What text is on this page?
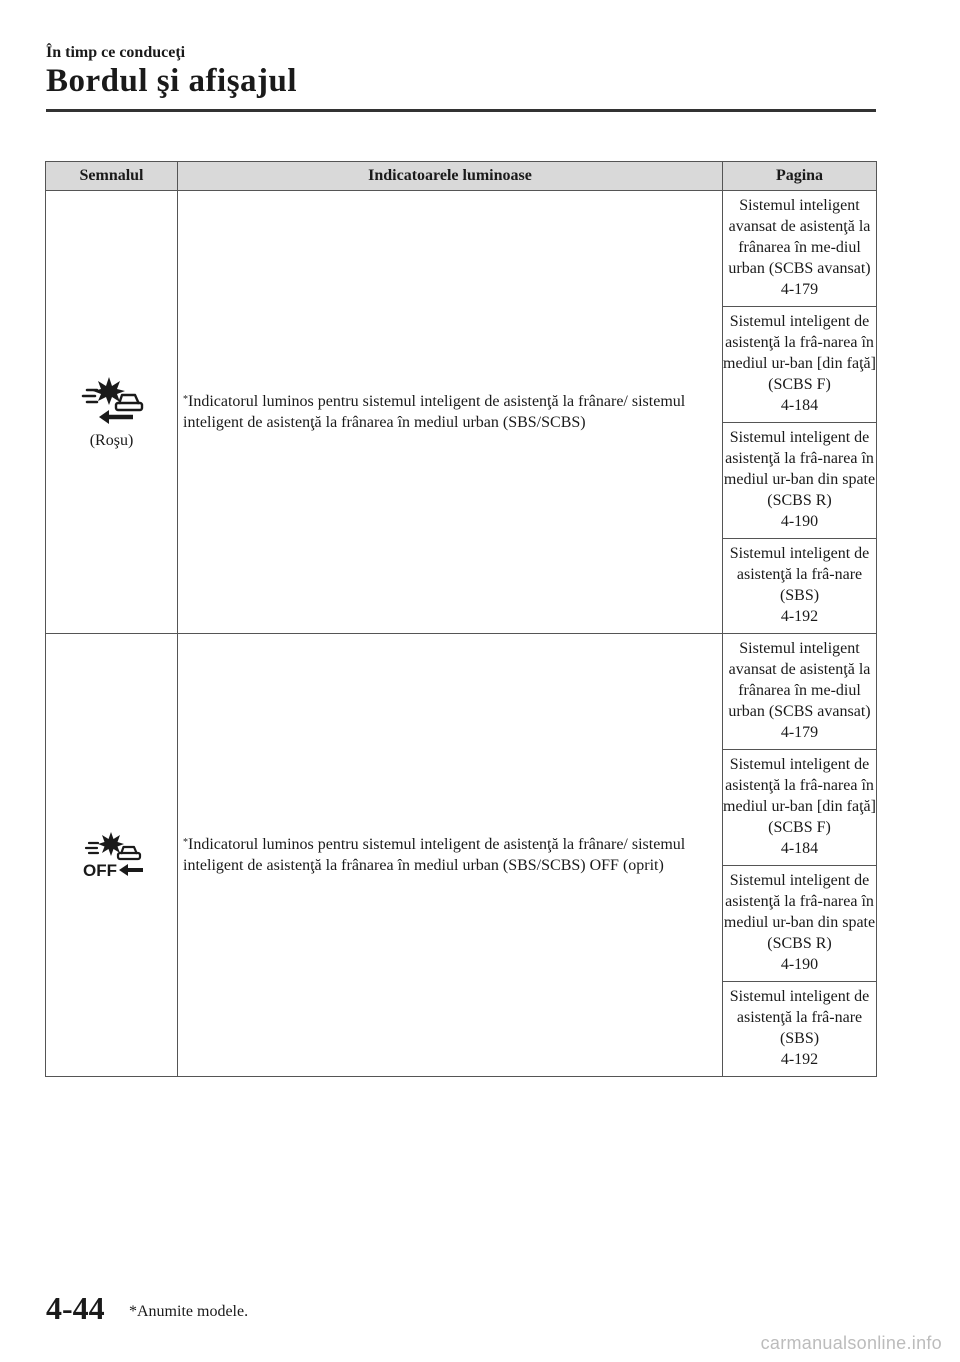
În timp ce conduceţi
Bordul şi afişajul
Semnalul	Indicatoarele luminoase	Pagina

(Roşu)	*Indicatorul luminos pentru sistemul inteligent de asistenţă la frânare/ sistemul inteligent de asistenţă la frânarea în mediul urban (SBS/SCBS)	Sistemul inteligent avansat de asistenţă la frânarea în me-diul urban (SCBS avansat)
4-179

		Sistemul inteligent de asistenţă la frâ-narea în mediul ur-ban [din faţă] (SCBS F)
4-184

		Sistemul inteligent de asistenţă la frâ-narea în mediul ur-ban din spate (SCBS R)
4-190

		Sistemul inteligent de asistenţă la frâ-nare (SBS)
4-192

OFF	*Indicatorul luminos pentru sistemul inteligent de asistenţă la frânare/ sistemul inteligent de asistenţă la frânarea în mediul urban (SBS/SCBS) OFF (oprit)	Sistemul inteligent avansat de asistenţă la frânarea în me-diul urban (SCBS avansat)
4-179

		Sistemul inteligent de asistenţă la frâ-narea în mediul ur-ban [din faţă] (SCBS F)
4-184

		Sistemul inteligent de asistenţă la frâ-narea în mediul ur-ban din spate (SCBS R)
4-190

		Sistemul inteligent de asistenţă la frâ-nare (SBS)
4-192
4-44 *Anumite modele.
carmanualsonline.info
